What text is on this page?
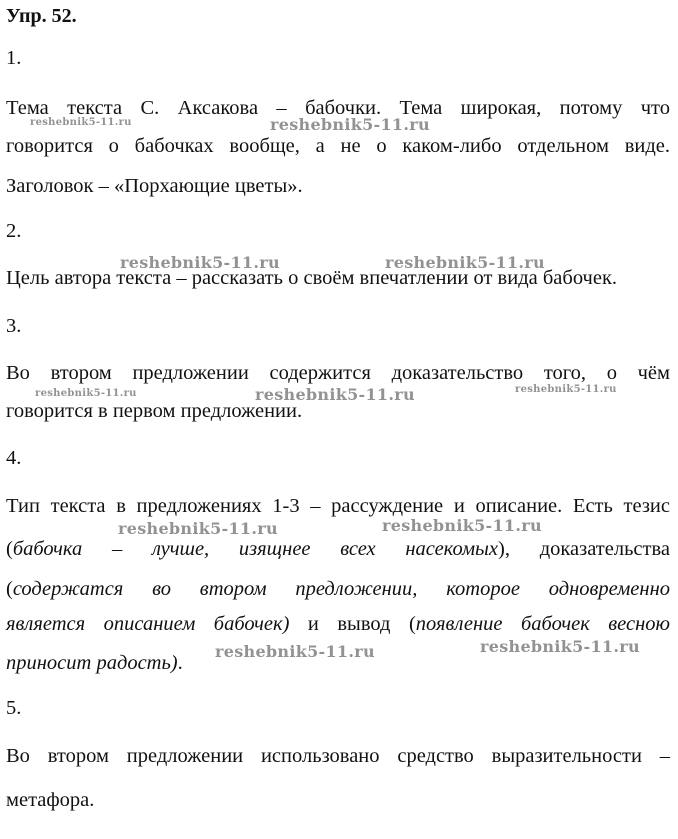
Упр. 52.
1.
Тема текста С. Аксакова – бабочки. Тема широкая, потому что
говорится о бабочках вообще, а не о каком-либо отдельном виде.
Заголовок – «Порхающие цветы».
2.
Цель автора текста – рассказать о своём впечатлении от вида бабочек.
3.
Во втором предложении содержится доказательство того, о чём
говорится в первом предложении.
4.
Тип текста в предложениях 1-3 – рассуждение и описание. Есть тезис
(бабочка – лучше, изящнее всех насекомых), доказательства
(содержатся во втором предложении, которое одновременно
является описанием бабочек) и вывод (появление бабочек весною
приносит радость).
5.
Во втором предложении использовано средство выразительности –
метафора.
reshebnik5-11.ru	reshebnik5-11.ru
reshebnik5-11.ru	reshebnik5-11.ru
reshebnik5-11.ru	reshebnik5-11.ru	reshebnik5-11.ru
reshebnik5-11.ru	reshebnik5-11.ru
reshebnik5-11.ru	reshebnik5-11.ru
